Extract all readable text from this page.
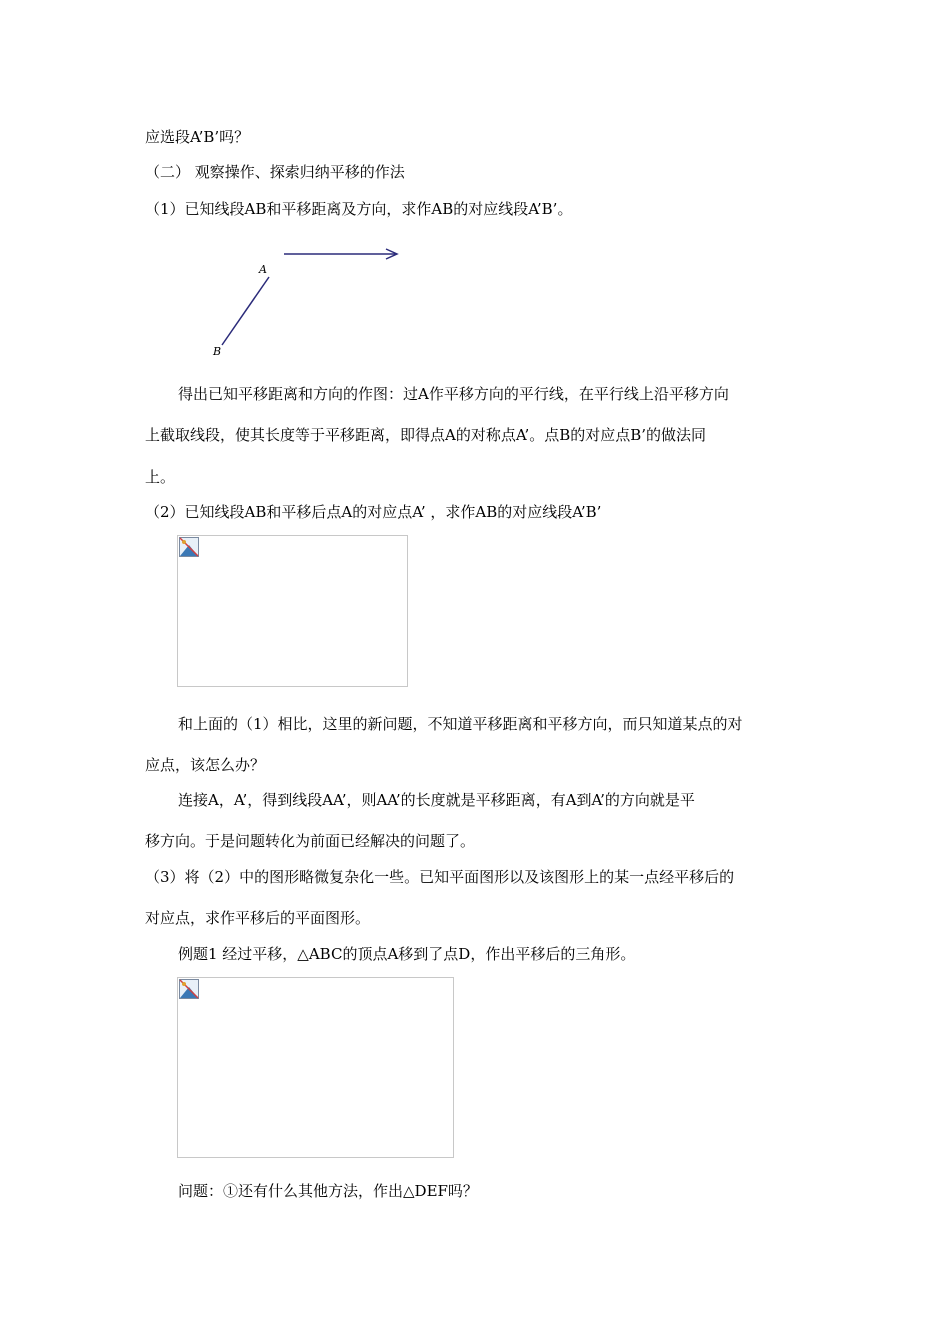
应选段A’B’吗？
（二） 观察操作、探索归纳平移的作法
（1）已知线段AB和平移距离及方向，求作AB的对应线段A’B’。
A
B
得出已知平移距离和方向的作图：过A作平移方向的平行线，在平行线上沿平移方向
上截取线段，使其长度等于平移距离，即得点A的对称点A’。点B的对应点B’的做法同
上。
（2）已知线段AB和平移后点A的对应点A’ ，求作AB的对应线段A’B’
和上面的（1）相比，这里的新问题，不知道平移距离和平移方向，而只知道某点的对
应点，该怎么办？
连接A，A’，得到线段AA’，则AA’的长度就是平移距离，有A到A’的方向就是平
移方向。于是问题转化为前面已经解决的问题了。
（3）将（2）中的图形略微复杂化一些。已知平面图形以及该图形上的某一点经平移后的
对应点，求作平移后的平面图形。
例题1 经过平移，△ABC的顶点A移到了点D，作出平移后的三角形。
问题：①还有什么其他方法，作出△DEF吗？
